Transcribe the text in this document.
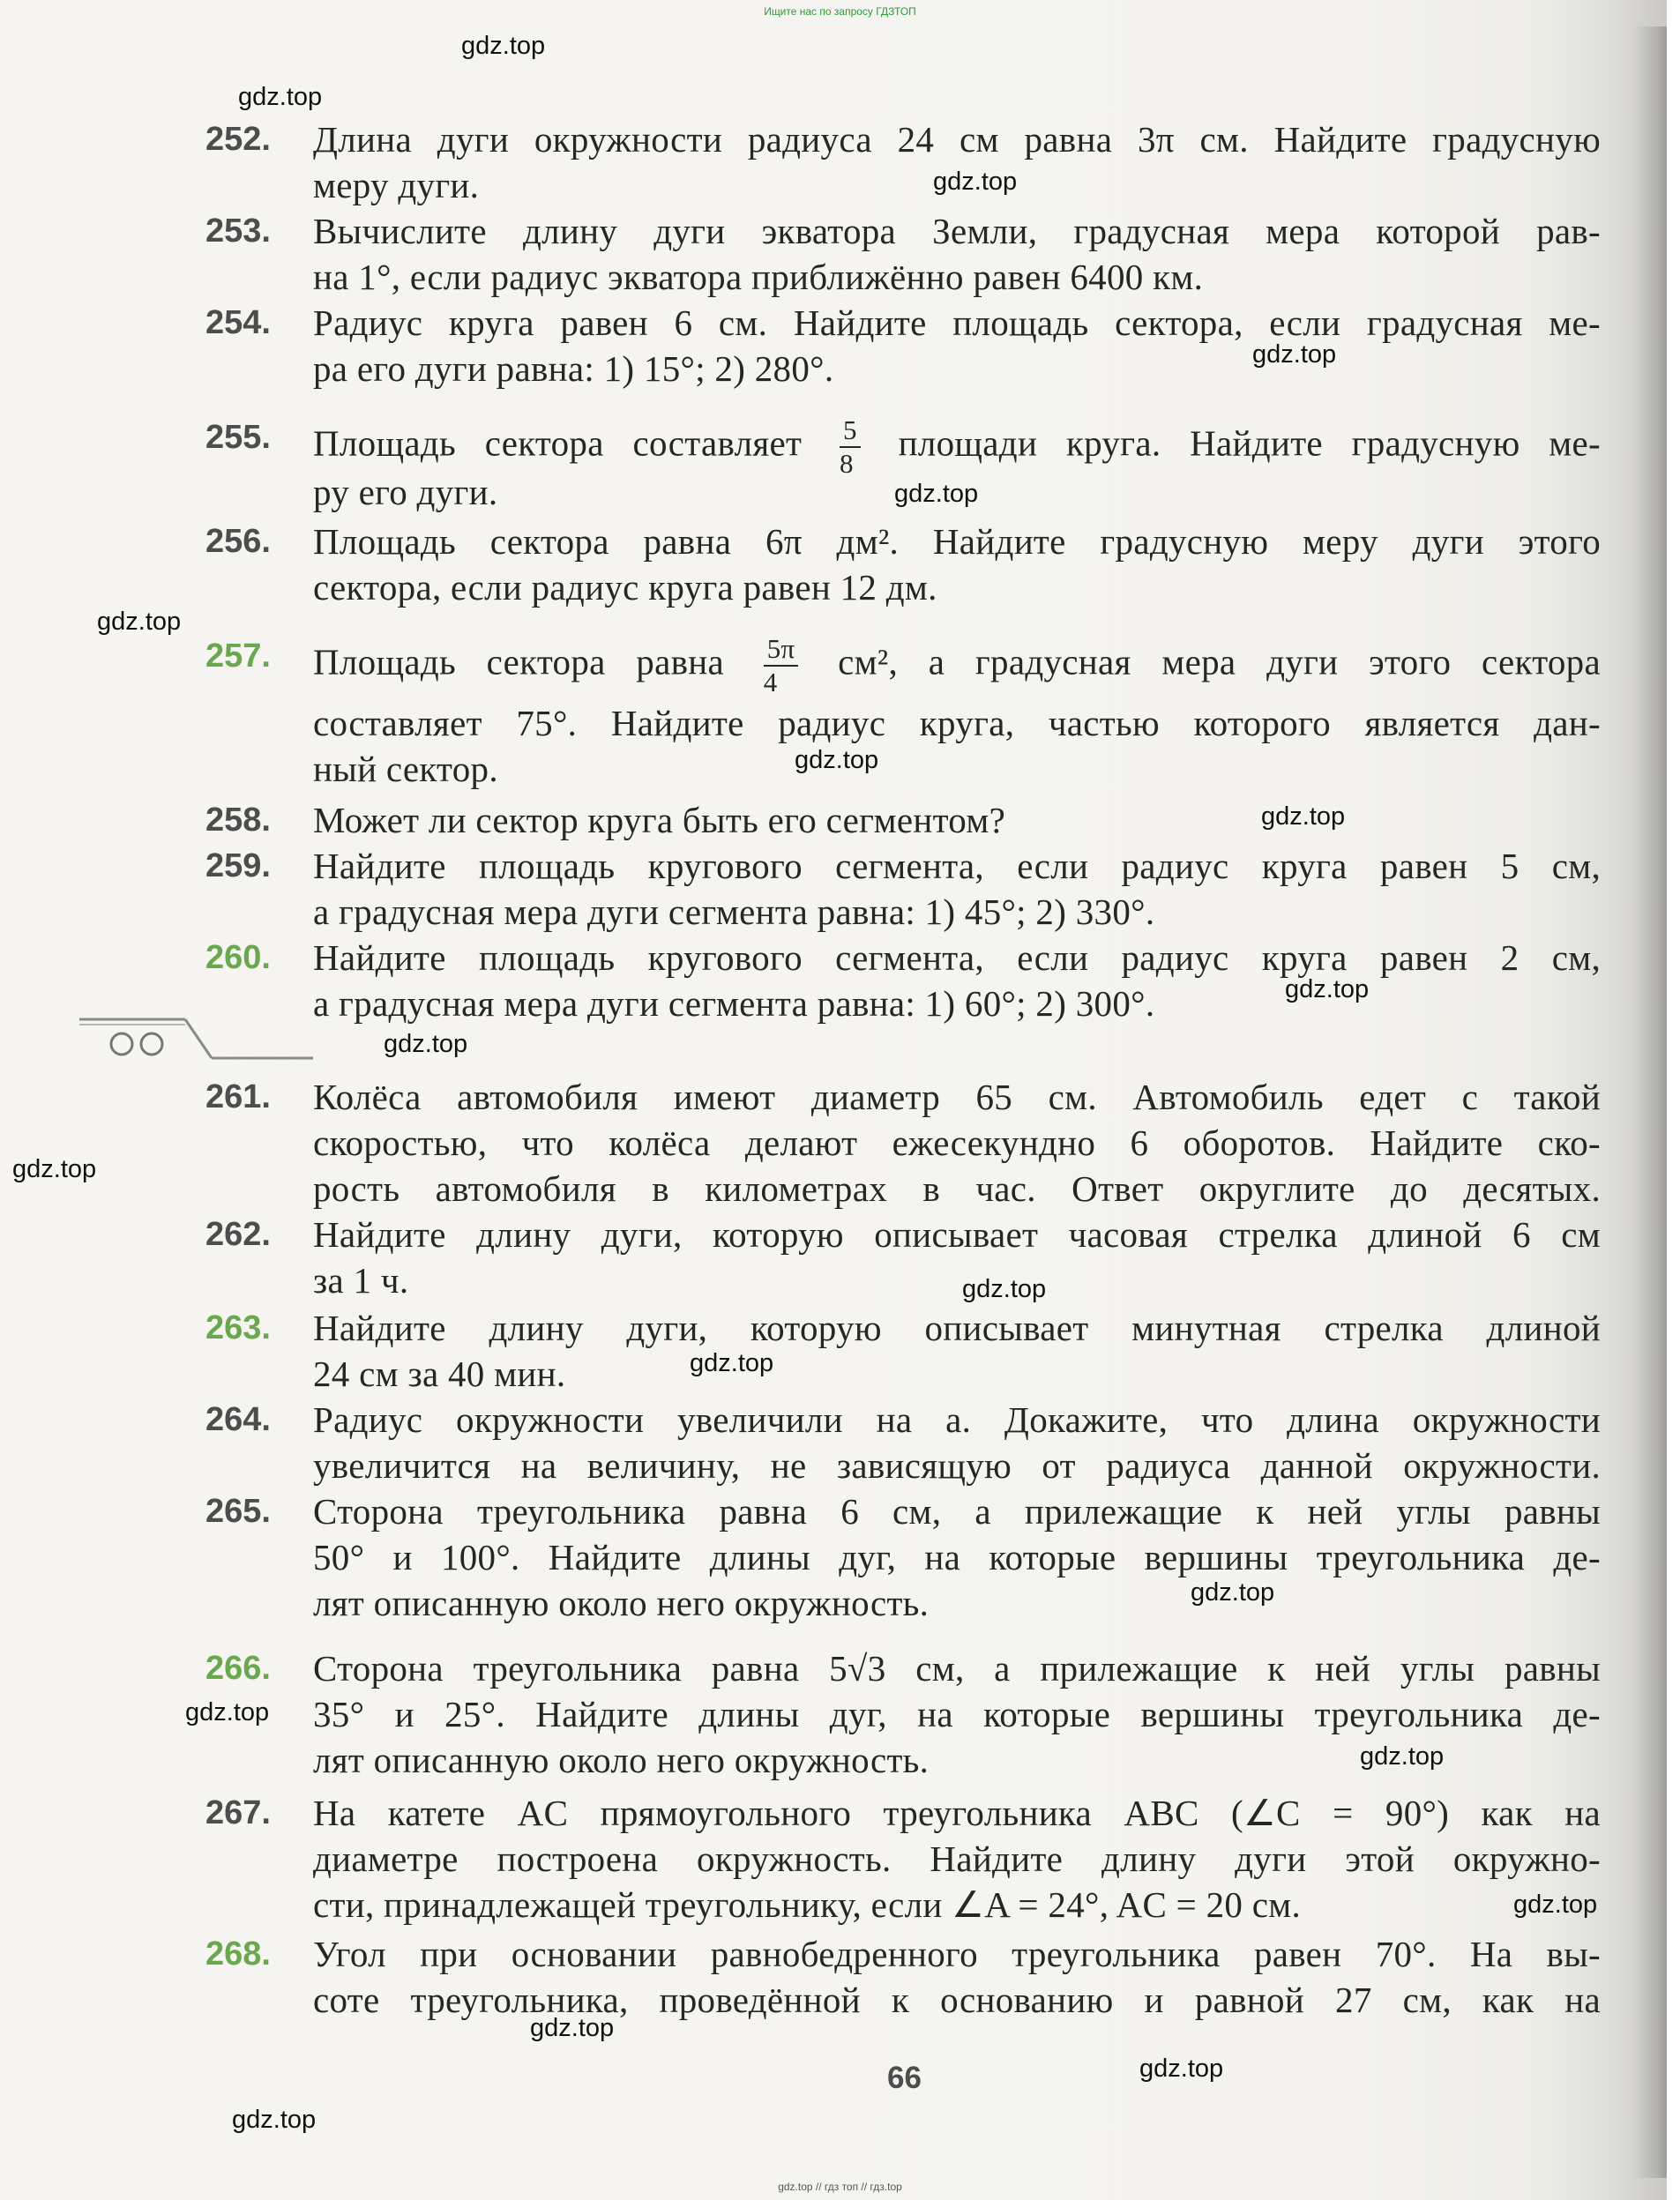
Ищите нас по запросу ГДЗТОП
252. Длина дуги окружности радиуса 24 см равна 3π см. Найдите градусную
меру дуги.
253. Вычислите длину дуги экватора Земли, градусная мера которой рав-
на 1°, если радиус экватора приближённо равен 6400 км.
254. Радиус круга равен 6 см. Найдите площадь сектора, если градусная ме-
ра его дуги равна: 1) 15°; 2) 280°.
255. Площадь сектора составляет $\frac{5}{8}$ площади круга. Найдите градусную ме-
ру его дуги.
256. Площадь сектора равна 6π дм². Найдите градусную меру дуги этого
сектора, если радиус круга равен 12 дм.
257. Площадь сектора равна $\frac{5\pi}{4} см^2$, а градусная мера дуги этого сектора
составляет 75°. Найдите радиус круга, частью которого является дан-
ный сектор.
258. Может ли сектор круга быть его сегментом?
259. Найдите площадь кругового сегмента, если радиус круга равен 5 см,
а градусная мера дуги сегмента равна: 1) 45°; 2) 330°.
260. Найдите площадь кругового сегмента, если радиус круга равен 2 см,
а градусная мера дуги сегмента равна: 1) 60°; 2) 300°.
261. Колёса автомобиля имеют диаметр 65 см. Автомобиль едет с такой
скоростью, что колёса делают ежесекундно 6 оборотов. Найдите ско-
рость автомобиля в километрах в час. Ответ округлите до десятых.
262. Найдите длину дуги, которую описывает часовая стрелка длиной 6 см
за 1 ч.
263. Найдите длину дуги, которую описывает минутная стрелка длиной
24 см за 40 мин.
264. Радиус окружности увеличили на a. Докажите, что длина окружности
увеличится на величину, не зависящую от радиуса данной окружности.
265. Сторона треугольника равна 6 см, а прилежащие к ней углы равны
50° и 100°. Найдите длины дуг, на которые вершины треугольника де-
лят описанную около него окружность.
266. Сторона треугольника равна 5√3 см, а прилежащие к ней углы равны
35° и 25°. Найдите длины дуг, на которые вершины треугольника де-
лят описанную около него окружность.
267. На катете AC прямоугольного треугольника ABC (∠C = 90°) как на
диаметре построена окружность. Найдите длину дуги этой окружно-
сти, принадлежащей треугольнику, если ∠A = 24°, AC = 20 см.
268. Угол при основании равнобедренного треугольника равен 70°. На вы-
соте треугольника, проведённой к основанию и равной 27 см, как на
66
gdz.top
gdz.top
gdz.top
gdz.top
gdz.top
gdz.top
gdz.top
gdz.top
gdz.top
gdz.top
gdz.top
gdz.top
gdz.top
gdz.top
gdz.top
gdz.top
gdz.top
gdz.top
gdz.top
gdz.top
gdz.top // гдз топ // гдз.top
